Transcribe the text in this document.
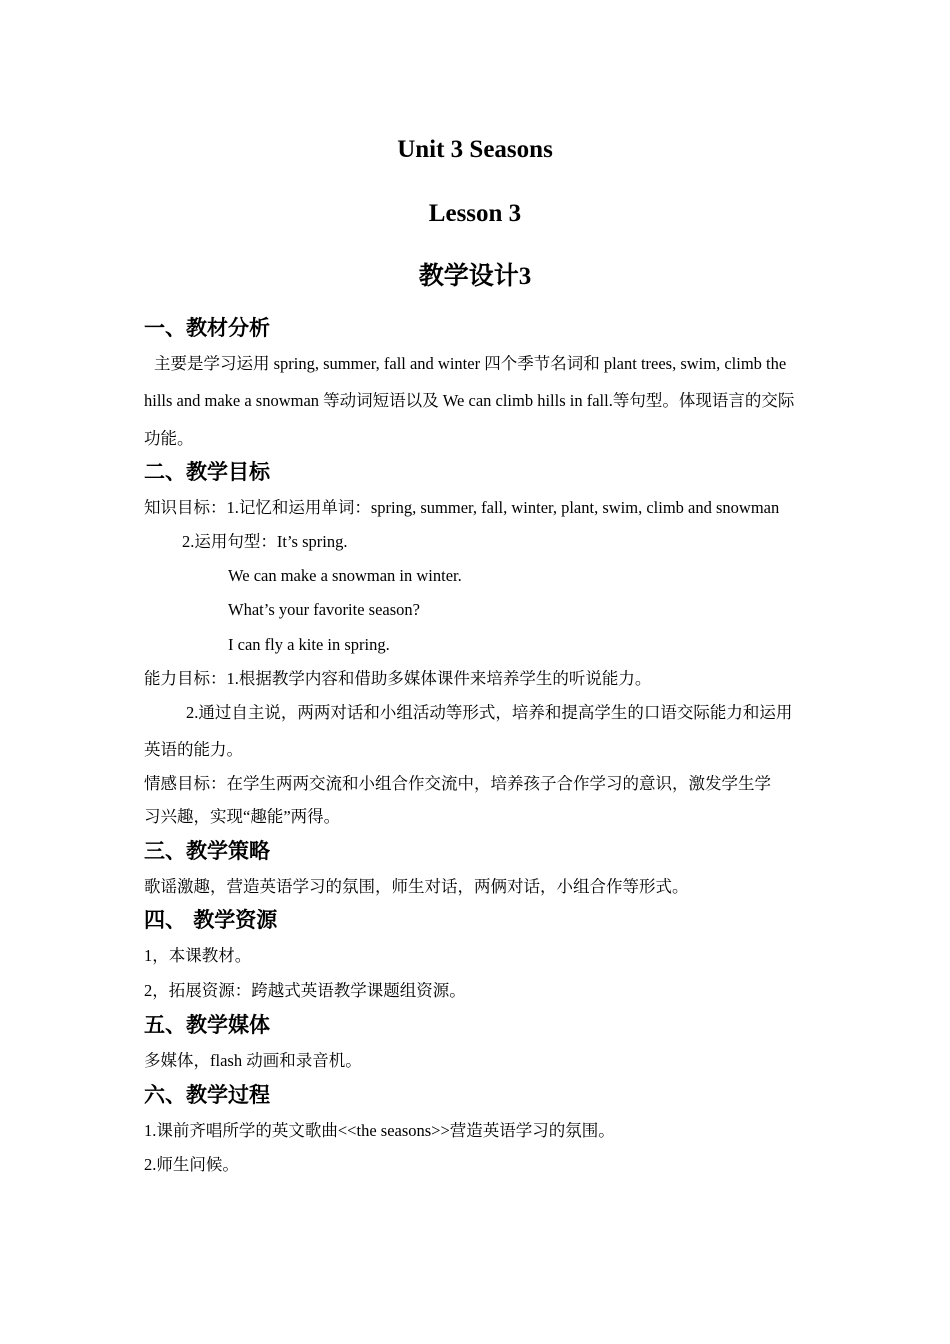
Unit 3 Seasons
Lesson 3
教学设计3
一、教材分析
主要是学习运用 spring, summer, fall and winter 四个季节名词和 plant trees, swim, climb the
hills and make a snowman 等动词短语以及 We can climb hills in fall.等句型。体现语言的交际
功能。
二、教学目标
知识目标：1.记忆和运用单词：spring, summer, fall, winter, plant, swim, climb and snowman
2.运用句型：It’s spring.
We can make a snowman in winter.
What’s your favorite season?
I can fly a kite in spring.
能力目标：1.根据教学内容和借助多媒体课件来培养学生的听说能力。
2.通过自主说，两两对话和小组活动等形式，培养和提高学生的口语交际能力和运用
英语的能力。
情感目标：在学生两两交流和小组合作交流中，培养孩子合作学习的意识，激发学生学
习兴趣，实现“趣能”两得。
三、教学策略
歌谣激趣，营造英语学习的氛围，师生对话，两俩对话，小组合作等形式。
四、 教学资源
1，本课教材。
2，拓展资源：跨越式英语教学课题组资源。
五、教学媒体
多媒体，flash 动画和录音机。
六、教学过程
1.课前齐唱所学的英文歌曲<<the seasons>>营造英语学习的氛围。
2.师生问候。
